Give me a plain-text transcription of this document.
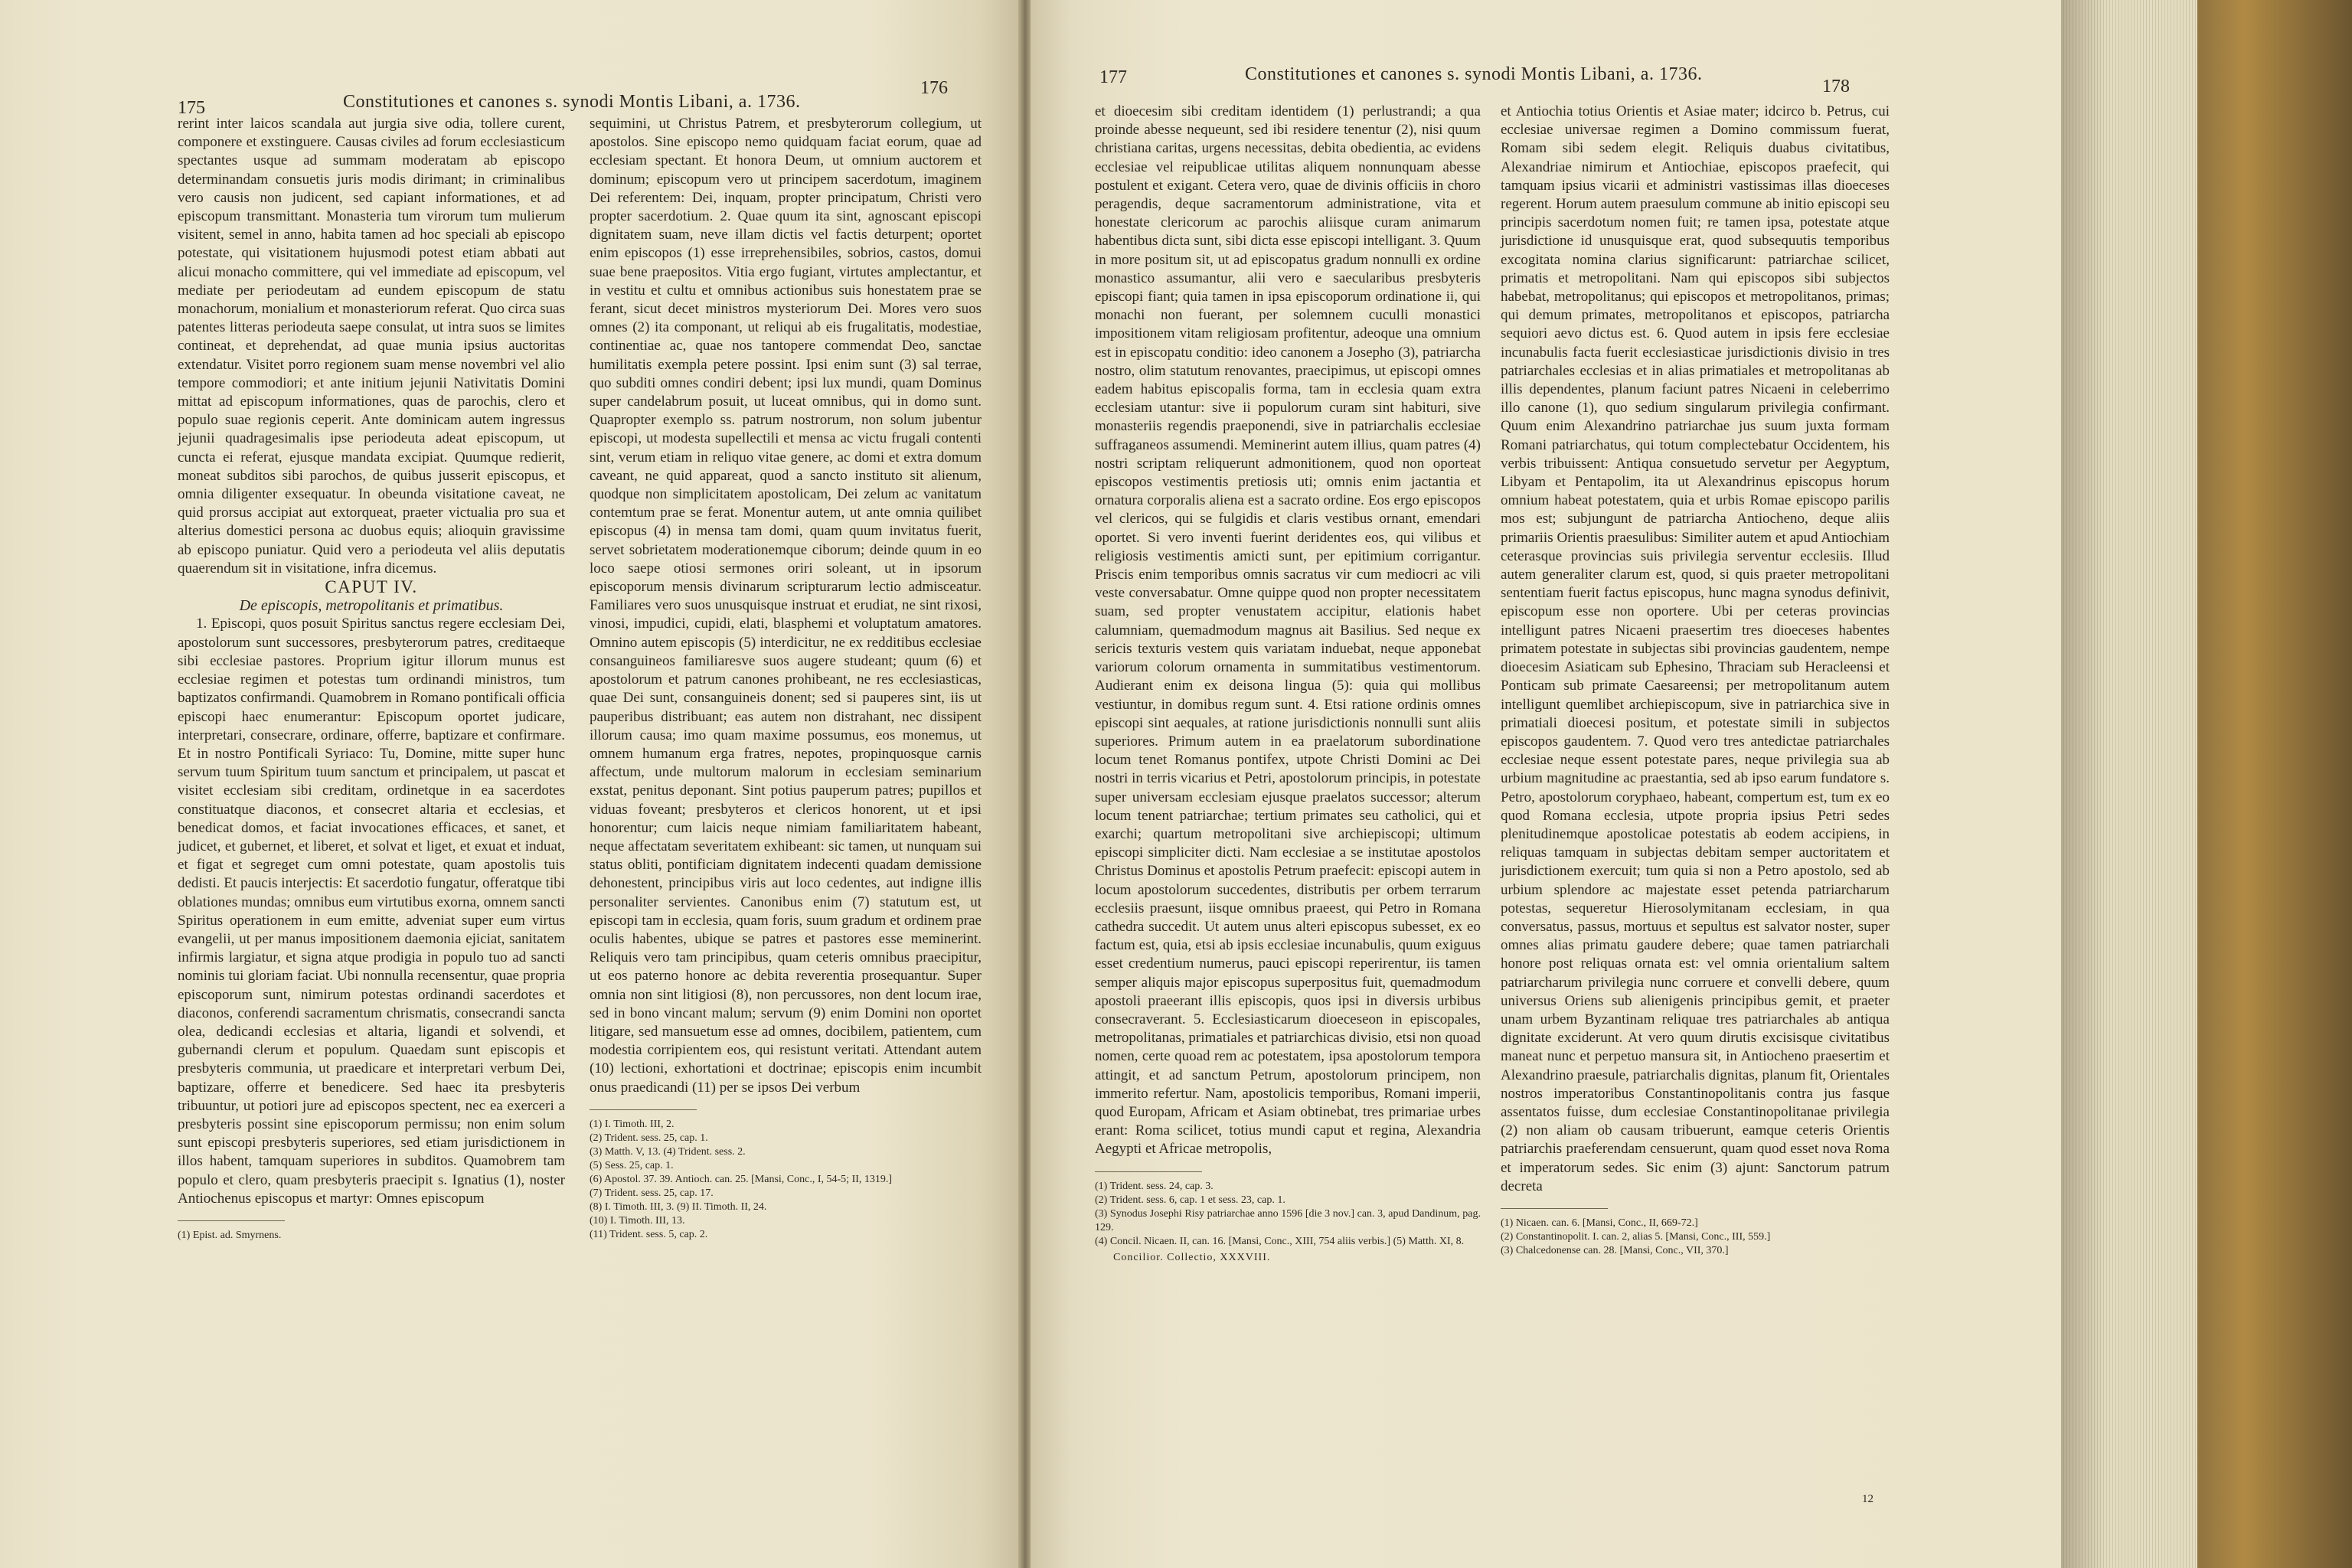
175	Constitutiones et canones s. synodi Montis Libani, a. 1736.
176

rerint inter laicos scandala aut jurgia sive odia, tollere curent, componere et exstinguere. Causas civiles ad forum ecclesiasticum spectantes usque ad summam moderatam ab episcopo determinandam consuetis juris modis dirimant; in criminalibus vero causis non judicent, sed capiant informationes, et ad episcopum transmittant. Monasteria tum virorum tum mulierum visitent, semel in anno, habita tamen ad hoc speciali ab episcopo potestate, qui visitationem hujusmodi potest etiam abbati aut alicui monacho committere, qui vel immediate ad episcopum, vel mediate per periodeutam ad eundem episcopum de statu monachorum, monialium et monasteriorum referat. Quo circa suas patentes litteras periodeuta saepe consulat, ut intra suos se limites contineat, et deprehendat, ad quae munia ipsius auctoritas extendatur. Visitet porro regionem suam mense novembri vel alio tempore commodiori; et ante initium jejunii Nativitatis Domini mittat ad episcopum informationes, quas de parochis, clero et populo suae regionis ceperit. Ante dominicam autem ingressus jejunii quadragesimalis ipse periodeuta adeat episcopum, ut cuncta ei referat, ejusque mandata excipiat. Quumque redierit, moneat subditos sibi parochos, de quibus jusserit episcopus, et omnia diligenter exsequatur. In obeunda visitatione caveat, ne quid prorsus accipiat aut extorqueat, praeter victualia pro sua et alterius domestici persona ac duobus equis; alioquin gravissime ab episcopo puniatur. Quid vero a periodeuta vel aliis deputatis quaerendum sit in visitatione, infra dicemus.

CAPUT IV.

De episcopis, metropolitanis et primatibus.

1. Episcopi, quos posuit Spiritus sanctus regere ecclesiam Dei, apostolorum sunt successores, presbyterorum patres, creditaeque sibi ecclesiae pastores. Proprium igitur illorum munus est ecclesiae regimen et potestas tum ordinandi ministros, tum baptizatos confirmandi. Quamobrem in Romano pontificali officia episcopi haec enumerantur: Episcopum oportet judicare, interpretari, consecrare, ordinare, offerre, baptizare et confirmare. Et in nostro Pontificali Syriaco: Tu, Domine, mitte super hunc servum tuum Spiritum tuum sanctum et principalem, ut pascat et visitet ecclesiam sibi creditam, ordinetque in ea sacerdotes constituatque diaconos, et consecret altaria et ecclesias, et benedicat domos, et faciat invocationes efficaces, et sanet, et judicet, et gubernet, et liberet, et solvat et liget, et exuat et induat, et figat et segreget cum omni potestate, quam apostolis tuis dedisti. Et paucis interjectis: Et sacerdotio fungatur, offeratque tibi oblationes mundas; omnibus eum virtutibus exorna, omnem sancti Spiritus operationem in eum emitte, adveniat super eum virtus evangelii, ut per manus impositionem daemonia ejiciat, sanitatem infirmis largiatur, et signa atque prodigia in populo tuo ad sancti nominis tui gloriam faciat. Ubi nonnulla recensentur, quae propria episcoporum sunt, nimirum potestas ordinandi sacerdotes et diaconos, conferendi sacramentum chrismatis, consecrandi sancta olea, dedicandi ecclesias et altaria, ligandi et solvendi, et gubernandi clerum et populum. Quaedam sunt episcopis et presbyteris communia, ut praedicare et interpretari verbum Dei, baptizare, offerre et benedicere. Sed haec ita presbyteris tribuuntur, ut potiori jure ad episcopos spectent, nec ea exerceri a presbyteris possint sine episcoporum permissu; non enim solum sunt episcopi presbyteris superiores, sed etiam jurisdictionem in illos habent, tamquam superiores in subditos. Quamobrem tam populo et clero, quam presbyteris praecipit s. Ignatius (1), noster Antiochenus episcopus et martyr: Omnes episcopum

(1) Epist. ad. Smyrnens.

sequimini, ut Christus Patrem, et presbyterorum collegium, ut apostolos. Sine episcopo nemo quidquam faciat eorum, quae ad ecclesiam spectant. Et honora Deum, ut omnium auctorem et dominum; episcopum vero ut principem sacerdotum, imaginem Dei referentem: Dei, inquam, propter principatum, Christi vero propter sacerdotium. 2. Quae quum ita sint, agnoscant episcopi dignitatem suam, neve illam dictis vel factis deturpent; oportet enim episcopos (1) esse irreprehensibiles, sobrios, castos, domui suae bene praepositos. Vitia ergo fugiant, virtutes amplectantur, et in vestitu et cultu et omnibus actionibus suis honestatem prae se ferant, sicut decet ministros mysteriorum Dei. Mores vero suos omnes (2) ita componant, ut reliqui ab eis frugalitatis, modestiae, continentiae ac, quae nos tantopere commendat Deo, sanctae humilitatis exempla petere possint. Ipsi enim sunt (3) sal terrae, quo subditi omnes condiri debent; ipsi lux mundi, quam Dominus super candelabrum posuit, ut luceat omnibus, qui in domo sunt. Quapropter exemplo ss. patrum nostrorum, non solum jubentur episcopi, ut modesta supellectili et mensa ac victu frugali contenti sint, verum etiam in reliquo vitae genere, ac domi et extra domum caveant, ne quid appareat, quod a sancto instituto sit alienum, quodque non simplicitatem apostolicam, Dei zelum ac vanitatum contemtum prae se ferat. Monentur autem, ut ante omnia quilibet episcopus (4) in mensa tam domi, quam quum invitatus fuerit, servet sobrietatem moderationemque ciborum; deinde quum in eo loco saepe otiosi sermones oriri soleant, ut in ipsorum episcoporum mensis divinarum scripturarum lectio admisceatur. Familiares vero suos unusquisque instruat et erudiat, ne sint rixosi, vinosi, impudici, cupidi, elati, blasphemi et voluptatum amatores. Omnino autem episcopis (5) interdicitur, ne ex redditibus ecclesiae consanguineos familiaresve suos augere studeant; quum (6) et apostolorum et patrum canones prohibeant, ne res ecclesiasticas, quae Dei sunt, consanguineis donent; sed si pauperes sint, iis ut pauperibus distribuant; eas autem non distrahant, nec dissipent illorum causa; imo quam maxime possumus, eos monemus, ut omnem humanum erga fratres, nepotes, propinquosque carnis affectum, unde multorum malorum in ecclesiam seminarium exstat, penitus deponant. Sint potius pauperum patres; pupillos et viduas foveant; presbyteros et clericos honorent, ut et ipsi honorentur; cum laicis neque nimiam familiaritatem habeant, neque affectatam severitatem exhibeant: sic tamen, ut nunquam sui status obliti, pontificiam dignitatem indecenti quadam demissione dehonestent, principibus viris aut loco cedentes, aut indigne illis personaliter servientes. Canonibus enim (7) statutum est, ut episcopi tam in ecclesia, quam foris, suum gradum et ordinem prae oculis habentes, ubique se patres et pastores esse meminerint. Reliquis vero tam principibus, quam ceteris omnibus praecipitur, ut eos paterno honore ac debita reverentia prosequantur. Super omnia non sint litigiosi (8), non percussores, non dent locum irae, sed in bono vincant malum; servum (9) enim Domini non oportet litigare, sed mansuetum esse ad omnes, docibilem, patientem, cum modestia corripientem eos, qui resistunt veritati. Attendant autem (10) lectioni, exhortationi et doctrinae; episcopis enim incumbit onus praedicandi (11) per se ipsos Dei verbum

(1) I. Timoth. III, 2.

(2) Trident. sess. 25, cap. 1.

(3) Matth. V, 13. (4) Trident. sess. 2.

(5) Sess. 25, cap. 1.

(6) Apostol. 37. 39. Antioch. can. 25. [Mansi, Conc., I, 54-5; II, 1319.]

(7) Trident. sess. 25, cap. 17.

(8) I. Timoth. III, 3. (9) II. Timoth. II, 24.

(10) I. Timoth. III, 13.

(11) Trident. sess. 5, cap. 2.

177	Constitutiones et canones s. synodi Montis Libani, a. 1736.
178

et dioecesim sibi creditam identidem (1) perlustrandi; a qua proinde abesse nequeunt, sed ibi residere tenentur (2), nisi quum christiana caritas, urgens necessitas, debita obedientia, ac evidens ecclesiae vel reipublicae utilitas aliquem nonnunquam abesse postulent et exigant. Cetera vero, quae de divinis officiis in choro peragendis, deque sacramentorum administratione, vita et honestate clericorum ac parochis aliisque curam animarum habentibus dicta sunt, sibi dicta esse episcopi intelligant. 3. Quum in more positum sit, ut ad episcopatus gradum nonnulli ex ordine monastico assumantur, alii vero e saecularibus presbyteris episcopi fiant; quia tamen in ipsa episcoporum ordinatione ii, qui monachi non fuerant, per solemnem cuculli monastici impositionem vitam religiosam profitentur, adeoque una omnium est in episcopatu conditio: ideo canonem a Josepho (3), patriarcha nostro, olim statutum renovantes, praecipimus, ut episcopi omnes eadem habitus episcopalis forma, tam in ecclesia quam extra ecclesiam utantur: sive ii populorum curam sint habituri, sive monasteriis regendis praeponendi, sive in patriarchalis ecclesiae suffraganeos assumendi. Meminerint autem illius, quam patres (4) nostri scriptam reliquerunt admonitionem, quod non oporteat episcopos vestimentis pretiosis uti; omnis enim jactantia et ornatura corporalis aliena est a sacrato ordine. Eos ergo episcopos vel clericos, qui se fulgidis et claris vestibus ornant, emendari oportet. Si vero inventi fuerint deridentes eos, qui vilibus et religiosis vestimentis amicti sunt, per epitimium corrigantur. Priscis enim temporibus omnis sacratus vir cum mediocri ac vili veste conversabatur. Omne quippe quod non propter necessitatem suam, sed propter venustatem accipitur, elationis habet calumniam, quemadmodum magnus ait Basilius. Sed neque ex sericis texturis vestem quis variatam induebat, neque apponebat variorum colorum ornamenta in summitatibus vestimentorum. Audierant enim ex deisona lingua (5): quia qui mollibus vestiuntur, in domibus regum sunt. 4. Etsi ratione ordinis omnes episcopi sint aequales, at ratione jurisdictionis nonnulli sunt aliis superiores. Primum autem in ea praelatorum subordinatione locum tenet Romanus pontifex, utpote Christi Domini ac Dei nostri in terris vicarius et Petri, apostolorum principis, in potestate super universam ecclesiam ejusque praelatos successor; alterum locum tenent patriarchae; tertium primates seu catholici, qui et exarchi; quartum metropolitani sive archiepiscopi; ultimum episcopi simpliciter dicti. Nam ecclesiae a se institutae apostolos Christus Dominus et apostolis Petrum praefecit: episcopi autem in locum apostolorum succedentes, distributis per orbem terrarum ecclesiis praesunt, iisque omnibus praeest, qui Petro in Romana cathedra succedit. Ut autem unus alteri episcopus subesset, ex eo factum est, quia, etsi ab ipsis ecclesiae incunabulis, quum exiguus esset credentium numerus, pauci episcopi reperirentur, iis tamen semper aliquis major episcopus superpositus fuit, quemadmodum apostoli praeerant illis episcopis, quos ipsi in diversis urbibus consecraverant. 5. Ecclesiasticarum dioeceseon in episcopales, metropolitanas, primatiales et patriarchicas divisio, etsi non quoad nomen, certe quoad rem ac potestatem, ipsa apostolorum tempora attingit, et ad sanctum Petrum, apostolorum principem, non immerito refertur. Nam, apostolicis temporibus, Romani imperii, quod Europam, Africam et Asiam obtinebat, tres primariae urbes erant: Roma scilicet, totius mundi caput et regina, Alexandria Aegypti et Africae metropolis,

(1) Trident. sess. 24, cap. 3.

(2) Trident. sess. 6, cap. 1 et sess. 23, cap. 1.

(3) Synodus Josephi Risy patriarchae anno 1596 [die 3 nov.] can. 3, apud Dandinum, pag. 129.

(4) Concil. Nicaen. II, can. 16. [Mansi, Conc., XIII, 754 aliis verbis.] (5) Matth. XI, 8.

Concilior. Collectio, XXXVIII.

et Antiochia totius Orientis et Asiae mater; idcirco b. Petrus, cui ecclesiae universae regimen a Domino commissum fuerat, Romam sibi sedem elegit. Reliquis duabus civitatibus, Alexandriae nimirum et Antiochiae, episcopos praefecit, qui tamquam ipsius vicarii et administri vastissimas illas dioeceses regerent. Horum autem praesulum commune ab initio episcopi seu principis sacerdotum nomen fuit; re tamen ipsa, potestate atque jurisdictione id unusquisque erat, quod subsequutis temporibus excogitata nomina clarius significarunt: patriarchae scilicet, primatis et metropolitani. Nam qui episcopos sibi subjectos habebat, metropolitanus; qui episcopos et metropolitanos, primas; qui demum primates, metropolitanos et episcopos, patriarcha sequiori aevo dictus est. 6. Quod autem in ipsis fere ecclesiae incunabulis facta fuerit ecclesiasticae jurisdictionis divisio in tres patriarchales ecclesias et in alias primatiales et metropolitanas ab illis dependentes, planum faciunt patres Nicaeni in celeberrimo illo canone (1), quo sedium singularum privilegia confirmant. Quum enim Alexandrino patriarchae jus suum juxta formam Romani patriarchatus, qui totum complectebatur Occidentem, his verbis tribuissent: Antiqua consuetudo servetur per Aegyptum, Libyam et Pentapolim, ita ut Alexandrinus episcopus horum omnium habeat potestatem, quia et urbis Romae episcopo parilis mos est; subjungunt de patriarcha Antiocheno, deque aliis primariis Orientis praesulibus: Similiter autem et apud Antiochiam ceterasque provincias suis privilegia serventur ecclesiis. Illud autem generaliter clarum est, quod, si quis praeter metropolitani sententiam fuerit factus episcopus, hunc magna synodus definivit, episcopum esse non oportere. Ubi per ceteras provincias intelligunt patres Nicaeni praesertim tres dioeceses habentes primatem potestate in subjectas sibi provincias gaudentem, nempe dioecesim Asiaticam sub Ephesino, Thraciam sub Heracleensi et Ponticam sub primate Caesareensi; per metropolitanum autem intelligunt quemlibet archiepiscopum, sive in patriarchica sive in primatiali dioecesi positum, et potestate simili in subjectos episcopos gaudentem. 7. Quod vero tres antedictae patriarchales ecclesiae neque essent potestate pares, neque privilegia sua ab urbium magnitudine ac praestantia, sed ab ipso earum fundatore s. Petro, apostolorum coryphaeo, habeant, compertum est, tum ex eo quod Romana ecclesia, utpote propria ipsius Petri sedes plenitudinemque apostolicae potestatis ab eodem accipiens, in reliquas tamquam in subjectas debitam semper auctoritatem et jurisdictionem exercuit; tum quia si non a Petro apostolo, sed ab urbium splendore ac majestate esset petenda patriarcharum potestas, sequeretur Hierosolymitanam ecclesiam, in qua conversatus, passus, mortuus et sepultus est salvator noster, super omnes alias primatu gaudere debere; quae tamen patriarchali honore post reliquas ornata est: vel omnia orientalium saltem patriarcharum privilegia nunc corruere et convelli debere, quum universus Oriens sub alienigenis principibus gemit, et praeter unam urbem Byzantinam reliquae tres patriarchales ab antiqua dignitate exciderunt. At vero quum dirutis excisisque civitatibus maneat nunc et perpetuo mansura sit, in Antiocheno praesertim et Alexandrino praesule, patriarchalis dignitas, planum fit, Orientales nostros imperatoribus Constantinopolitanis contra jus fasque assentatos fuisse, dum ecclesiae Constantinopolitanae privilegia (2) non aliam ob causam tribuerunt, eamque ceteris Orientis patriarchis praeferendam censuerunt, quam quod esset nova Roma et imperatorum sedes. Sic enim (3) ajunt: Sanctorum patrum decreta

(1) Nicaen. can. 6. [Mansi, Conc., II, 669-72.]

(2) Constantinopolit. I. can. 2, alias 5. [Mansi, Conc., III, 559.]

(3) Chalcedonense can. 28. [Mansi, Conc., VII, 370.]

12
